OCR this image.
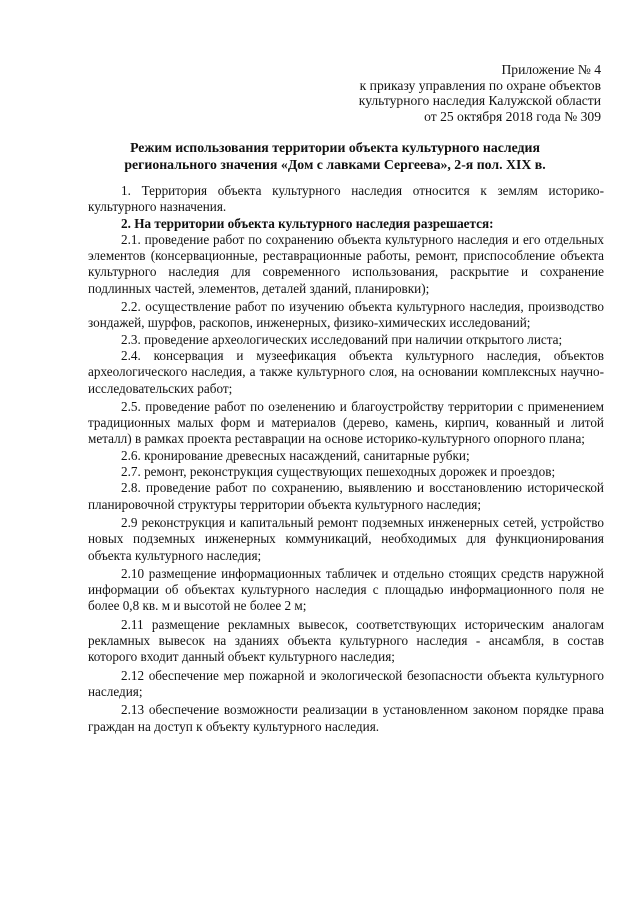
Приложение № 4
к приказу управления по охране объектов
культурного наследия Калужской области
от 25 октября 2018 года № 309
Режим использования территории объекта культурного наследия
регионального значения «Дом с лавками Сергеева», 2-я пол. XIX в.

1. Территория объекта культурного наследия относится к землям историко-культурного назначения.

2. На территории объекта культурного наследия разрешается:

2.1. проведение работ по сохранению объекта культурного наследия и его отдельных элементов (консервационные, реставрационные работы, ремонт, приспособление объекта культурного наследия для современного использования, раскрытие и сохранение подлинных частей, элементов, деталей зданий, планировки);

2.2. осуществление работ по изучению объекта культурного наследия, производство зондажей, шурфов, раскопов, инженерных, физико-химических исследований;

2.3. проведение археологических исследований при наличии открытого листа;

2.4. консервация и музеефикация объекта культурного наследия, объектов археологического наследия, а также культурного слоя, на основании комплексных научно-исследовательских работ;

2.5. проведение работ по озеленению и благоустройству территории с применением традиционных малых форм и материалов (дерево, камень, кирпич, кованный и литой металл) в рамках проекта реставрации на основе историко-культурного опорного плана;

2.6. кронирование древесных насаждений, санитарные рубки;

2.7. ремонт, реконструкция существующих пешеходных дорожек и проездов;

2.8. проведение работ по сохранению, выявлению и восстановлению исторической планировочной структуры территории объекта культурного наследия;

2.9 реконструкция и капитальный ремонт подземных инженерных сетей, устройство новых подземных инженерных коммуникаций, необходимых для функционирования объекта культурного наследия;

2.10 размещение информационных табличек и отдельно стоящих средств наружной информации об объектах культурного наследия с площадью информационного поля не более 0,8 кв. м и высотой не более 2 м;

2.11 размещение рекламных вывесок, соответствующих историческим аналогам рекламных вывесок на зданиях объекта культурного наследия - ансамбля, в состав которого входит данный объект культурного наследия;

2.12 обеспечение мер пожарной и экологической безопасности объекта культурного наследия;

2.13 обеспечение возможности реализации в установленном законом порядке права граждан на доступ к объекту культурного наследия.
